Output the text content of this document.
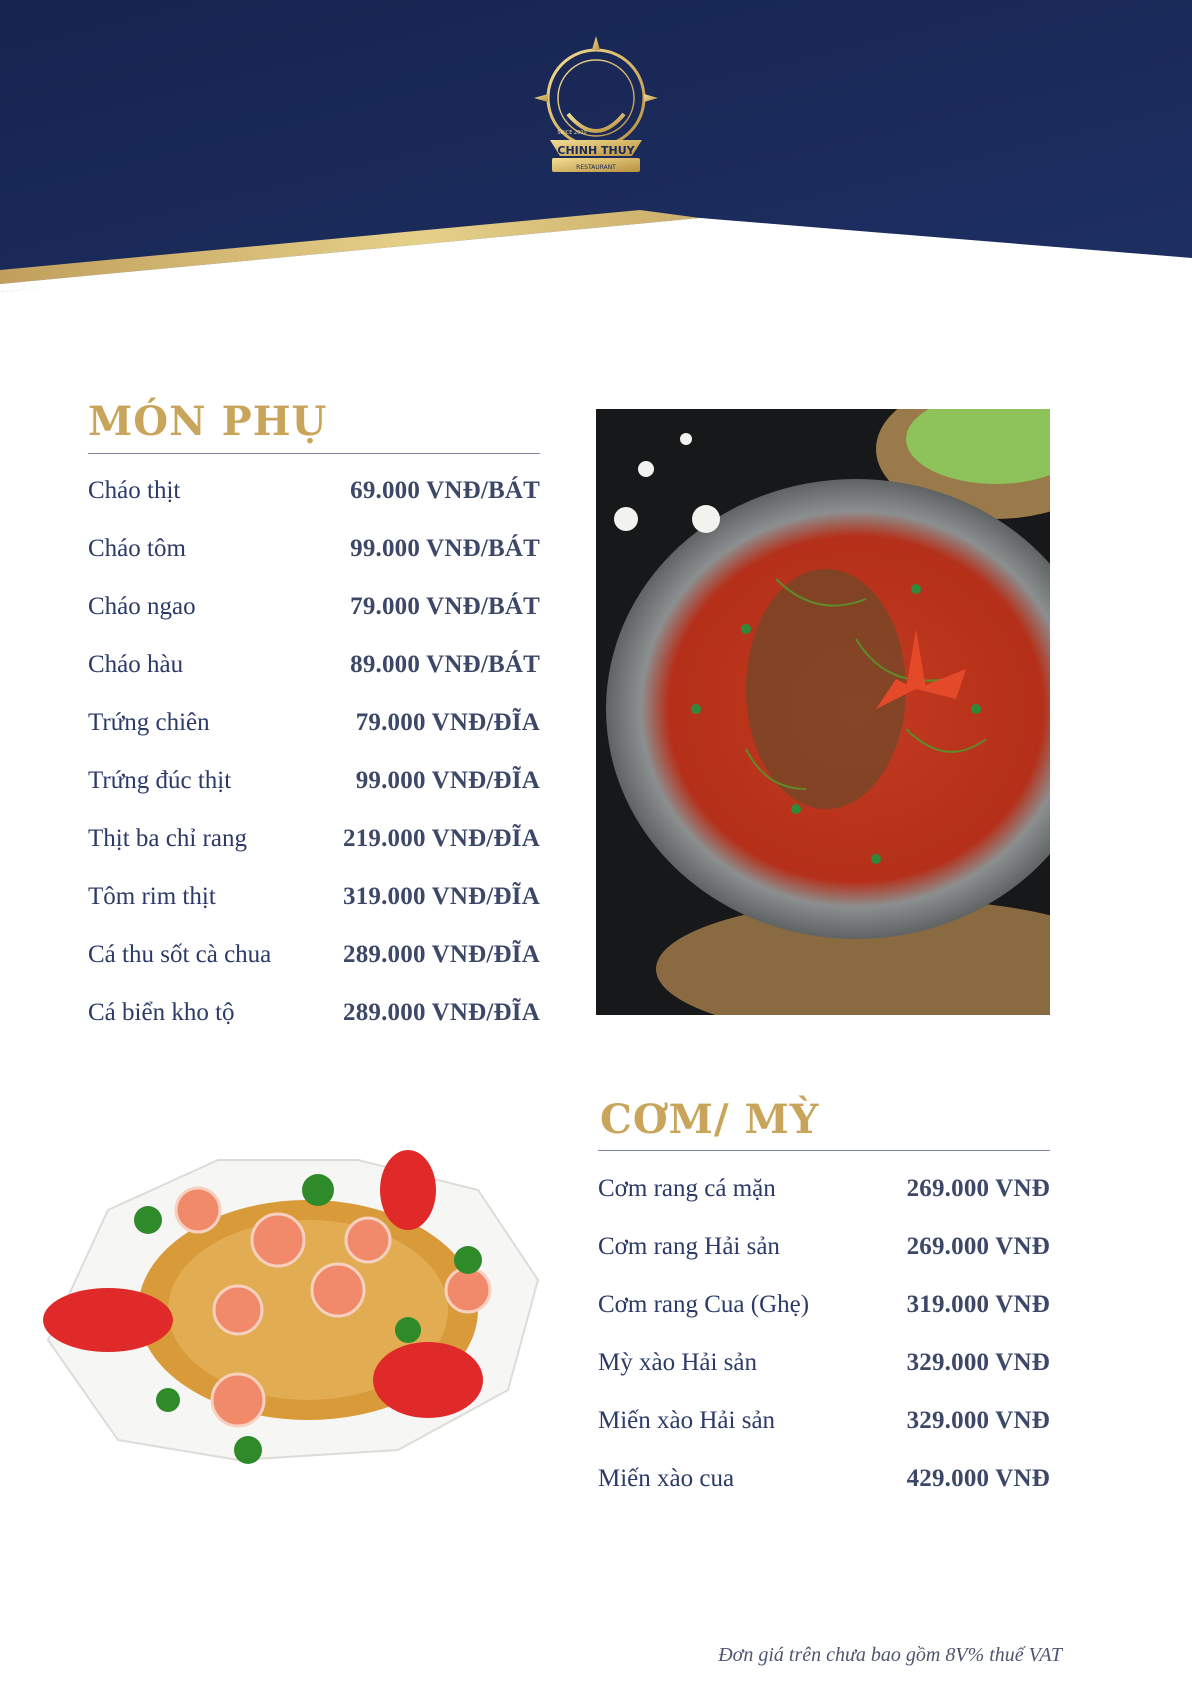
CHINH THUY
RESTAURANT
SINCE 2000
MÓN PHỤ
Cháo thịt	69.000 VNĐ/BÁT
Cháo tôm	99.000 VNĐ/BÁT
Cháo ngao	79.000 VNĐ/BÁT
Cháo hàu	89.000 VNĐ/BÁT
Trứng chiên	79.000 VNĐ/ĐĨA
Trứng đúc thịt	99.000 VNĐ/ĐĨA
Thịt ba chỉ rang	219.000 VNĐ/ĐĨA
Tôm rim thịt	319.000 VNĐ/ĐĨA
Cá thu sốt cà chua	289.000 VNĐ/ĐĨA
Cá biển kho tộ	289.000 VNĐ/ĐĨA
CƠM/ MỲ
Cơm rang cá mặn	269.000 VNĐ
Cơm rang Hải sản	269.000 VNĐ
Cơm rang Cua (Ghẹ)	319.000 VNĐ
Mỳ xào Hải sản	329.000 VNĐ
Miến xào Hải sản	329.000 VNĐ
Miến xào cua	429.000 VNĐ

Đơn giá trên chưa bao gồm 8V% thuế VAT
